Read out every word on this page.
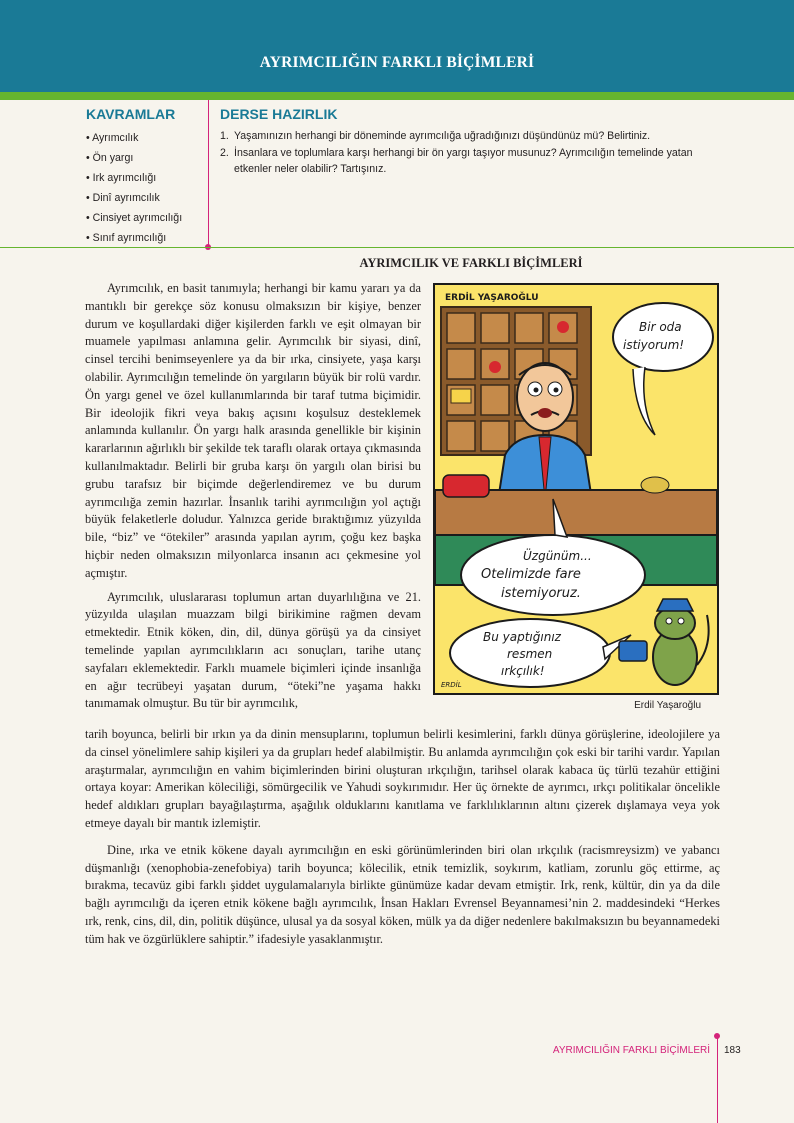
AYRIMCILIĞIN FARKLI BİÇİMLERİ
KAVRAMLAR
• Ayrımcılık
• Ön yargı
• Irk ayrımcılığı
• Dinî ayrımcılık
• Cinsiyet ayrımcılığı
• Sınıf ayrımcılığı
DERSE HAZIRLIK
1. Yaşamınızın herhangi bir döneminde ayrımcılığa uğradığınızı düşündünüz mü? Belirtiniz.
2. İnsanlara ve toplumlara karşı herhangi bir ön yargı taşıyor musunuz? Ayrımcılığın temelinde yatan etkenler neler olabilir? Tartışınız.
AYRIMCILIK VE FARKLI BİÇİMLERİ

Ayrımcılık, en basit tanımıyla; herhangi bir kamu yararı ya da mantıklı bir gerekçe söz konusu olmaksızın bir kişiye, benzer durum ve koşullardaki diğer kişilerden farklı ve eşit olmayan bir muamele yapılması anlamına gelir. Ayrımcılık bir siyasi, dinî, cinsel tercihi benimseyenlere ya da bir ırka, cinsiyete, yaşa karşı olabilir. Ayrımcılığın temelinde ön yargıların büyük bir rolü vardır. Ön yargı genel ve özel kullanımlarında bir taraf tutma biçimidir. Bir ideolojik fikri veya bakış açısını koşulsuz desteklemek anlamında kullanılır. Ön yargı halk arasında genellikle bir kişinin kararlarının ağırlıklı bir şekilde tek taraflı olarak ortaya çıkmasında kullanılmaktadır. Belirli bir gruba karşı ön yargılı olan birisi bu grubu tarafsız bir biçimde değerlendiremez ve bu durum ayrımcılığa zemin hazırlar. İnsanlık tarihi ayrımcılığın yol açtığı büyük felaketlerle doludur. Yalnızca geride bıraktığımız yüzyılda bile, “biz” ve “ötekiler” arasında yapılan ayrım, çoğu kez başka hiçbir neden olmaksızın milyonlarca insanın acı çekmesine yol açmıştır.

Ayrımcılık, uluslararası toplumun artan duyarlılığına ve 21. yüzyılda ulaşılan muazzam bilgi birikimine rağmen devam etmektedir. Etnik köken, din, dil, dünya görüşü ya da cinsiyet temelinde yapılan ayrımcılıkların acı sonuçları, tarihe utanç sayfaları eklemektedir. Farklı muamele biçimleri içinde insanlığa en ağır tecrübeyi yaşatan durum, “öteki”ne yaşama hakkı tanımamak olmuştur. Bu tür bir ayrımcılık,

ERDİL YAŞAROĞLU
Bir oda
istiyorum!
Üzgünüm...
Otelimizde fare
istemiyoruz.
Bu yaptığınız
resmen
ırkçılık!
ERDİL
Erdil Yaşaroğlu

tarih boyunca, belirli bir ırkın ya da dinin mensuplarını, toplumun belirli kesimlerini, farklı dünya görüşlerine, ideolojilere ya da cinsel yönelimlere sahip kişileri ya da grupları hedef alabilmiştir. Bu anlamda ayrımcılığın çok eski bir tarihi vardır. Yapılan araştırmalar, ayrımcılığın en vahim biçimlerinden birini oluşturan ırkçılığın, tarihsel olarak kabaca üç türlü tezahür ettiğini ortaya koyar: Amerikan köleciliği, sömürgecilik ve Yahudi soykırımıdır. Her üç örnekte de ayrımcı, ırkçı politikalar öncelikle hedef aldıkları grupları bayağılaştırma, aşağılık olduklarını kanıtlama ve farklılıklarının altını çizerek dışlamaya veya yok etmeye dayalı bir mantık izlemiştir.

Dine, ırka ve etnik kökene dayalı ayrımcılığın en eski görünümlerinden biri olan ırkçılık (racismreysizm) ve yabancı düşmanlığı (xenophobia-zenefobiya) tarih boyunca; kölecilik, etnik temizlik, soykırım, katliam, zorunlu göç ettirme, aç bırakma, tecavüz gibi farklı şiddet uygulamalarıyla birlikte günümüze kadar devam etmiştir. Irk, renk, kültür, din ya da dile bağlı ayrımcılığı da içeren etnik kökene bağlı ayrımcılık, İnsan Hakları Evrensel Beyannamesi’nin 2. maddesindeki “Herkes ırk, renk, cins, dil, din, politik düşünce, ulusal ya da sosyal köken, mülk ya da diğer nedenlere bakılmaksızın bu beyannamedeki tüm hak ve özgürlüklere sahiptir.” ifadesiyle yasaklanmıştır.

AYRIMCILIĞIN FARKLI BİÇİMLERİ 183
